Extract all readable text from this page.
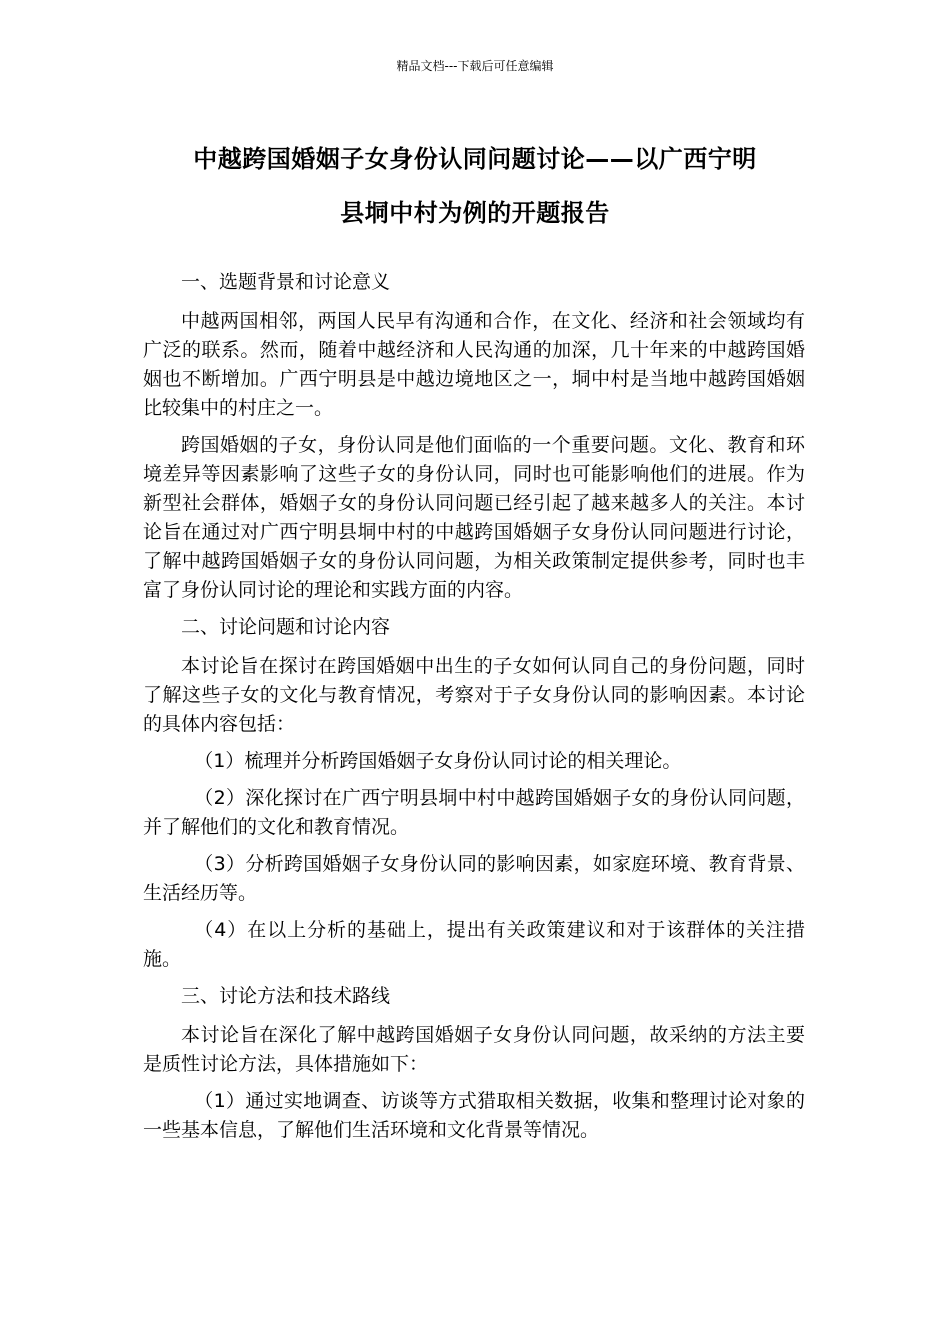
精品文档---下载后可任意编辑
中越跨国婚姻子女身份认同问题讨论——以广西宁明
县垌中村为例的开题报告

一、选题背景和讨论意义

中越两国相邻，两国人民早有沟通和合作，在文化、经济和社会领域均有广泛的联系。然而，随着中越经济和人民沟通的加深，几十年来的中越跨国婚姻也不断增加。广西宁明县是中越边境地区之一，垌中村是当地中越跨国婚姻比较集中的村庄之一。

跨国婚姻的子女，身份认同是他们面临的一个重要问题。文化、教育和环境差异等因素影响了这些子女的身份认同，同时也可能影响他们的进展。作为新型社会群体，婚姻子女的身份认同问题已经引起了越来越多人的关注。本讨论旨在通过对广西宁明县垌中村的中越跨国婚姻子女身份认同问题进行讨论，了解中越跨国婚姻子女的身份认同问题，为相关政策制定提供参考，同时也丰富了身份认同讨论的理论和实践方面的内容。

二、讨论问题和讨论内容

本讨论旨在探讨在跨国婚姻中出生的子女如何认同自己的身份问题，同时了解这些子女的文化与教育情况，考察对于子女身份认同的影响因素。本讨论的具体内容包括：

（1）梳理并分析跨国婚姻子女身份认同讨论的相关理论。

（2）深化探讨在广西宁明县垌中村中越跨国婚姻子女的身份认同问题，并了解他们的文化和教育情况。

（3）分析跨国婚姻子女身份认同的影响因素，如家庭环境、教育背景、生活经历等。

（4）在以上分析的基础上，提出有关政策建议和对于该群体的关注措施。

三、讨论方法和技术路线

本讨论旨在深化了解中越跨国婚姻子女身份认同问题，故采纳的方法主要是质性讨论方法，具体措施如下：

（1）通过实地调查、访谈等方式猎取相关数据，收集和整理讨论对象的一些基本信息，了解他们生活环境和文化背景等情况。
